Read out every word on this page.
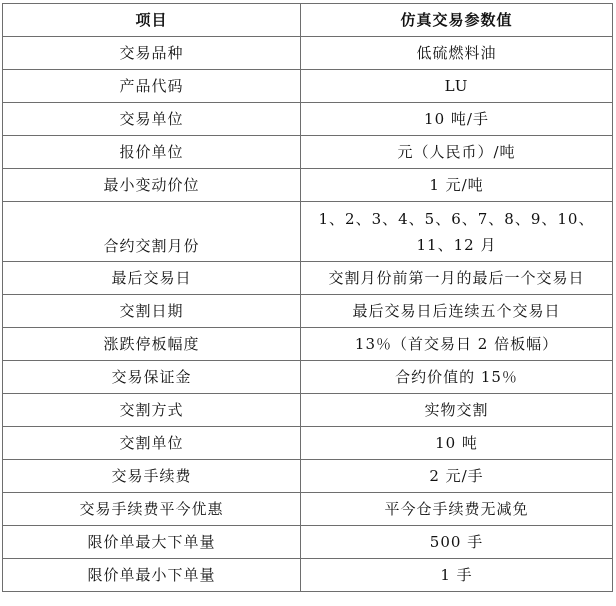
项目	仿真交易参数值
交易品种	低硫燃料油
产品代码	LU
交易单位	10 吨/手
报价单位	元（人民币）/吨
最小变动价位	1 元/吨
合约交割月份	1、2、3、4、5、6、7、8、9、10、
11、12 月

最后交易日	交割月份前第一月的最后一个交易日
交割日期	最后交易日后连续五个交易日
涨跌停板幅度	13％（首交易日 2 倍板幅）
交易保证金	合约价值的 15％
交割方式	实物交割
交割单位	10 吨
交易手续费	2 元/手
交易手续费平今优惠	平今仓手续费无减免
限价单最大下单量	500 手
限价单最小下单量	1 手
